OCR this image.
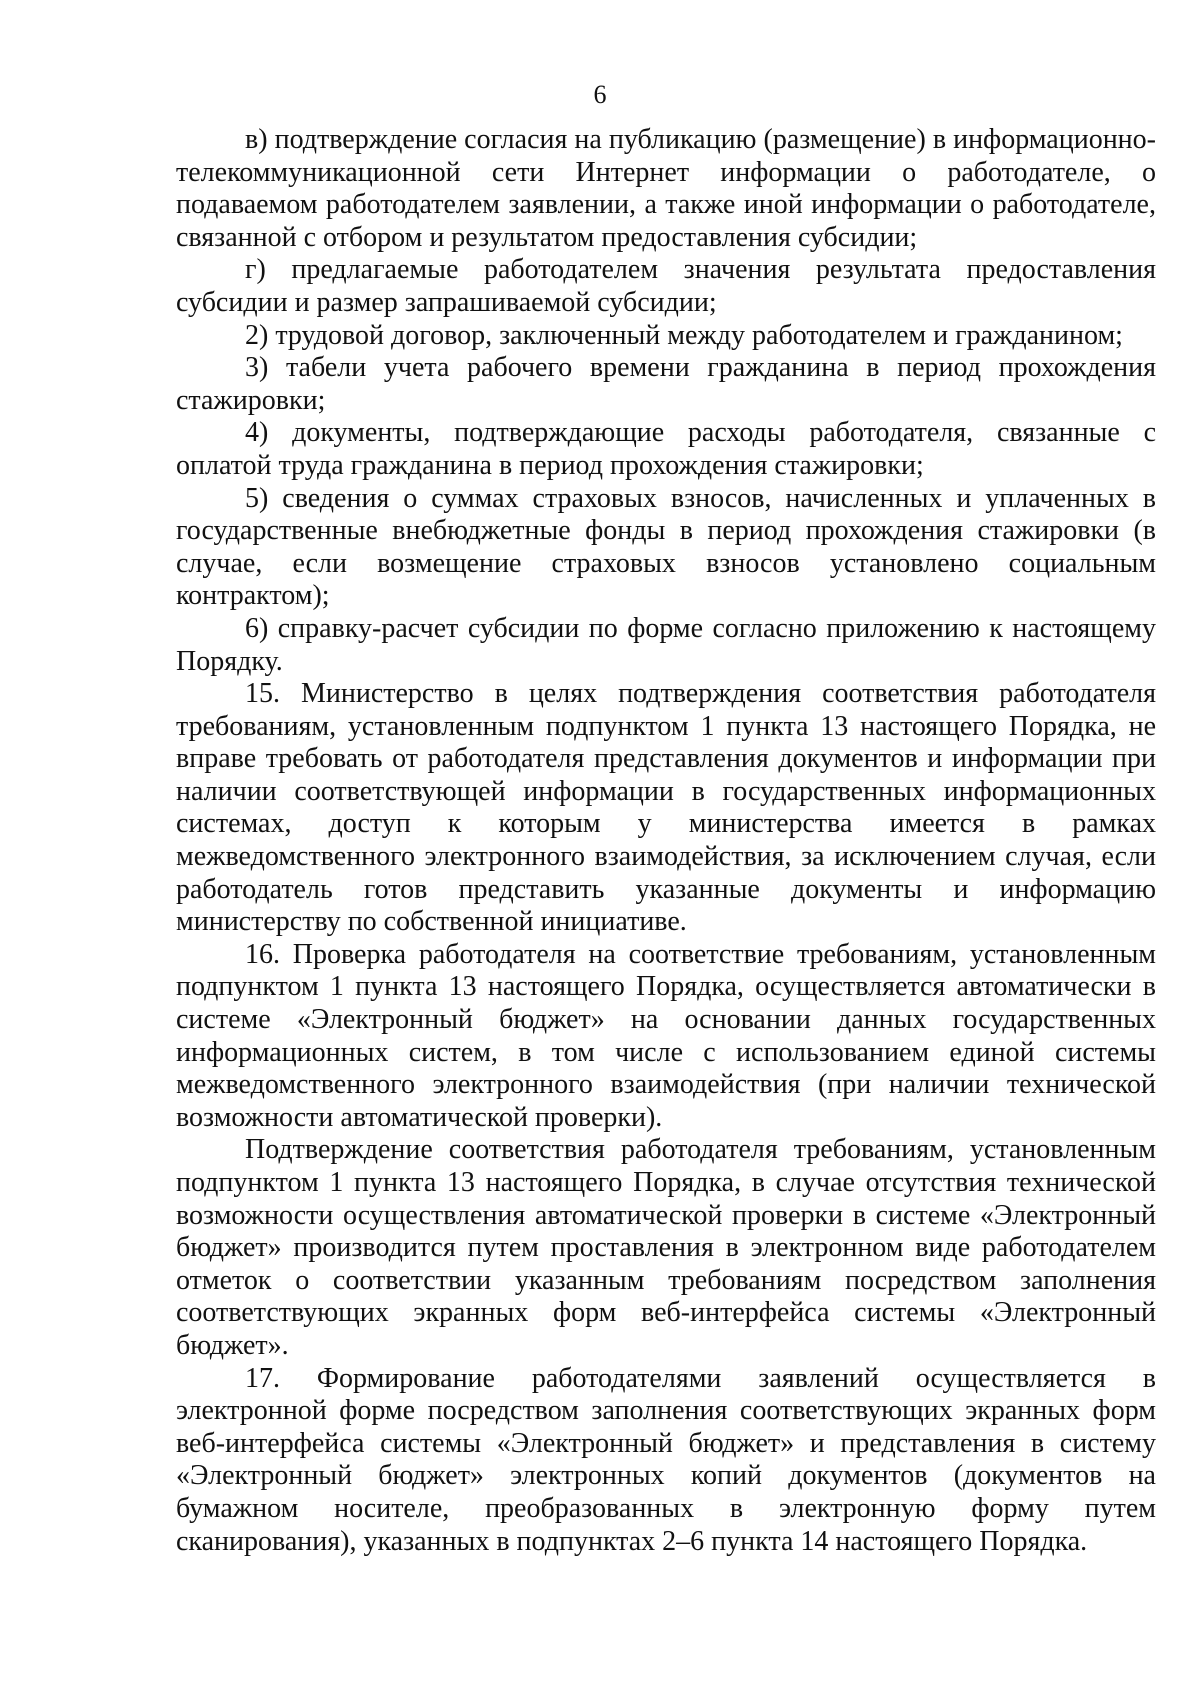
6

в) подтверждение согласия на публикацию (размещение) в информационно-телекоммуникационной сети Интернет информации о работодателе, о подаваемом работодателем заявлении, а также иной информации о работодателе, связанной с отбором и результатом предоставления субсидии;

г) предлагаемые работодателем значения результата предоставления субсидии и размер запрашиваемой субсидии;

2) трудовой договор, заключенный между работодателем и гражданином;

3) табели учета рабочего времени гражданина в период прохождения стажировки;

4) документы, подтверждающие расходы работодателя, связанные с оплатой труда гражданина в период прохождения стажировки;

5) сведения о суммах страховых взносов, начисленных и уплаченных в государственные внебюджетные фонды в период прохождения стажировки (в случае, если возмещение страховых взносов установлено социальным контрактом);

6) справку-расчет субсидии по форме согласно приложению к настоящему Порядку.

15. Министерство в целях подтверждения соответствия работодателя требованиям, установленным подпунктом 1 пункта 13 настоящего Порядка, не вправе требовать от работодателя представления документов и информации при наличии соответствующей информации в государственных информационных системах, доступ к которым у министерства имеется в рамках межведомственного электронного взаимодействия, за исключением случая, если работодатель готов представить указанные документы и информацию министерству по собственной инициативе.

16. Проверка работодателя на соответствие требованиям, установленным подпунктом 1 пункта 13 настоящего Порядка, осуществляется автоматически в системе «Электронный бюджет» на основании данных государственных информационных систем, в том числе с использованием единой системы межведомственного электронного взаимодействия (при наличии технической возможности автоматической проверки).

Подтверждение соответствия работодателя требованиям, установленным подпунктом 1 пункта 13 настоящего Порядка, в случае отсутствия технической возможности осуществления автоматической проверки в системе «Электронный бюджет» производится путем проставления в электронном виде работодателем отметок о соответствии указанным требованиям посредством заполнения соответствующих экранных форм веб-интерфейса системы «Электронный бюджет».

17. Формирование работодателями заявлений осуществляется в электронной форме посредством заполнения соответствующих экранных форм веб-интерфейса системы «Электронный бюджет» и представления в систему «Электронный бюджет» электронных копий документов (документов на бумажном носителе, преобразованных в электронную форму путем сканирования), указанных в подпунктах 2–6 пункта 14 настоящего Порядка.
